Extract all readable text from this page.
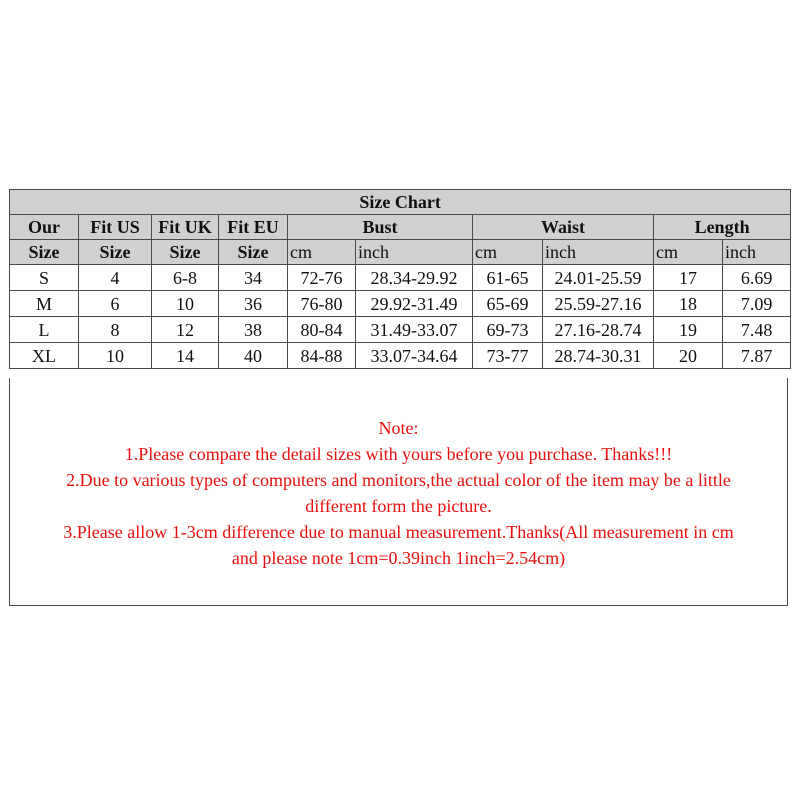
Size Chart									
Our	Fit US	Fit UK	Fit EU	Bust		Waist		Length	
Size	Size	Size	Size	cm	inch	cm	inch	cm	inch
S	4	6-8	34	72-76	28.34-29.92	61-65	24.01-25.59	17	6.69
M	6	10	36	76-80	29.92-31.49	65-69	25.59-27.16	18	7.09
L	8	12	38	80-84	31.49-33.07	69-73	27.16-28.74	19	7.48
XL	10	14	40	84-88	33.07-34.64	73-77	28.74-30.31	20	7.87
Note:
1.Please compare the detail sizes with yours before you purchase. Thanks!!!
2.Due to various types of computers and monitors,the actual color of the item may be a little
different form the picture.
3.Please allow 1-3cm difference due to manual measurement.Thanks(All measurement in cm
and please note 1cm=0.39inch 1inch=2.54cm)
